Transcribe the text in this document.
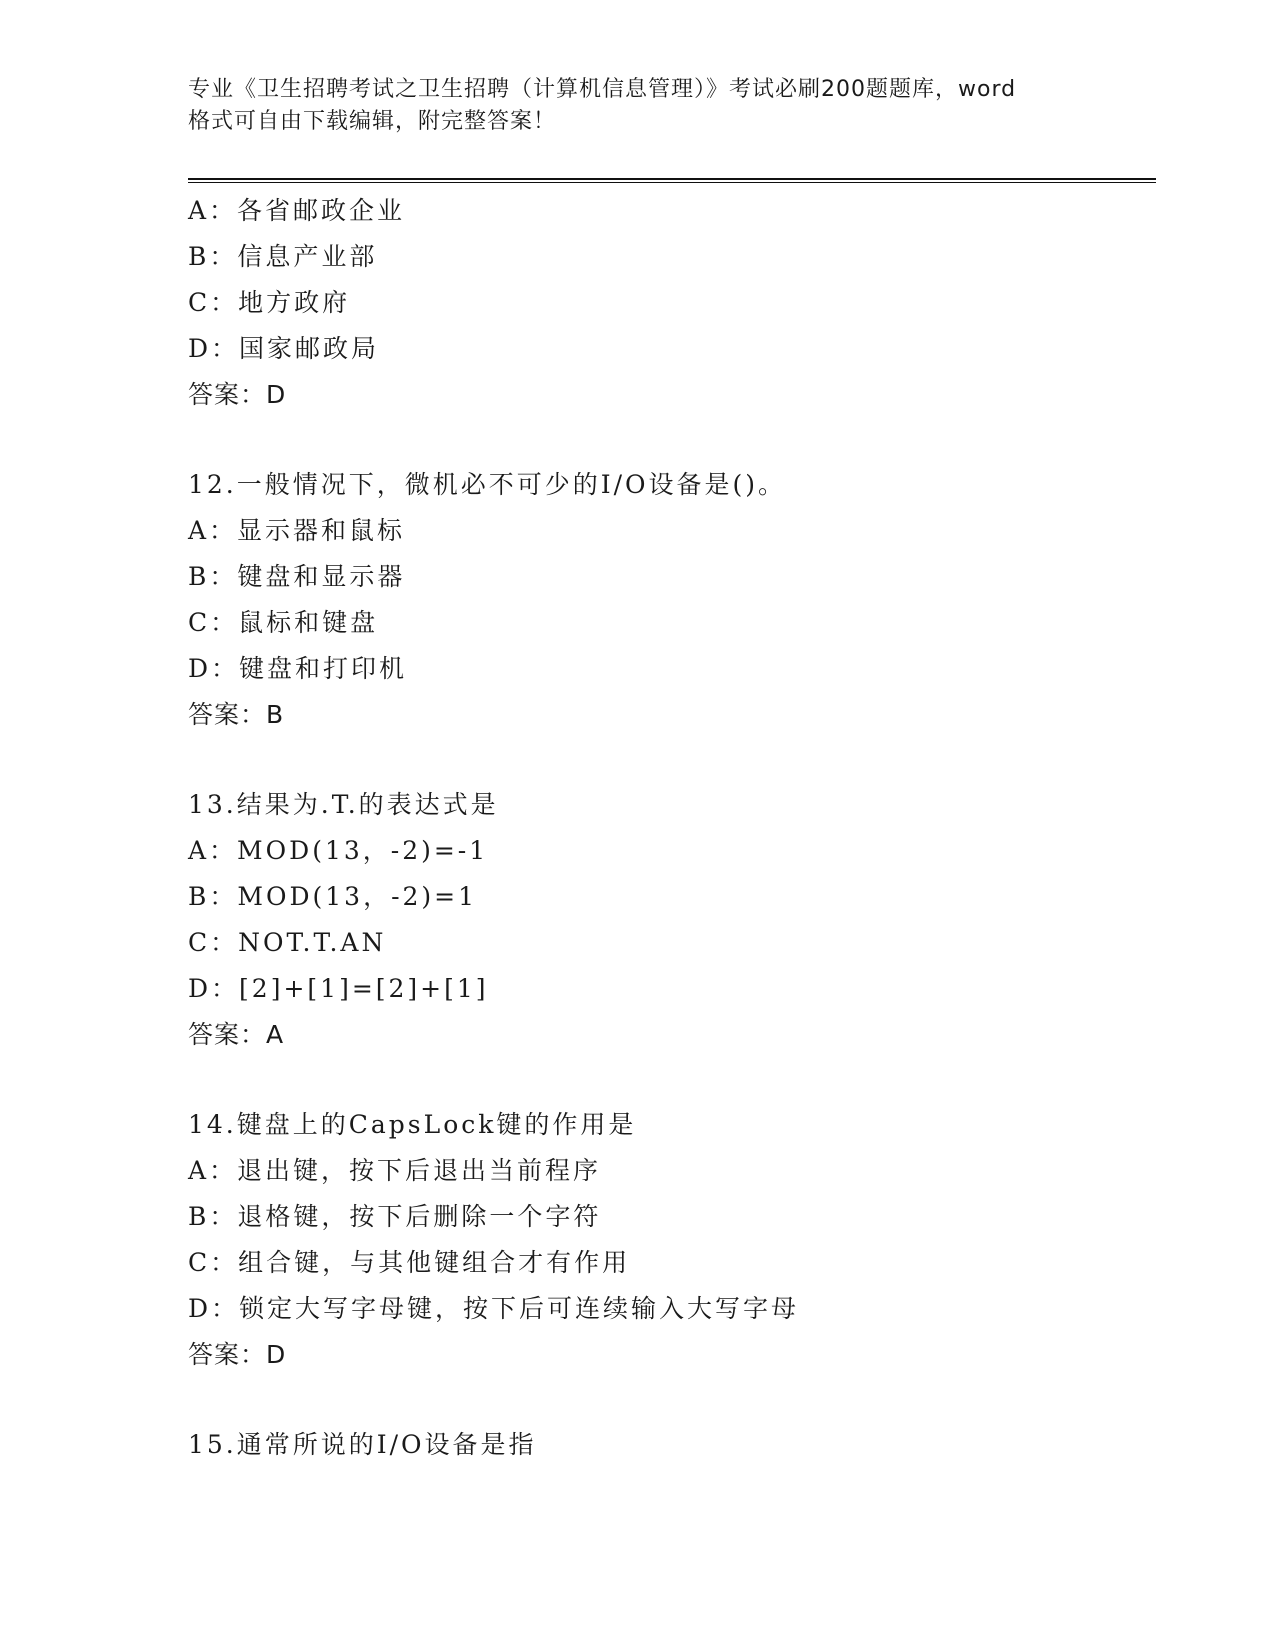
专业《卫生招聘考试之卫生招聘（计算机信息管理）》考试必刷200题题库，word
格式可自由下载编辑，附完整答案！
A：各省邮政企业
B：信息产业部
C：地方政府
D：国家邮政局
答案：D
12.一般情况下，微机必不可少的I/O设备是()。
A：显示器和鼠标
B：键盘和显示器
C：鼠标和键盘
D：键盘和打印机
答案：B
13.结果为.T.的表达式是
A：MOD(13，-2)=-1
B：MOD(13，-2)=1
C：NOT.T.AN
D：[2]+[1]=[2]+[1]
答案：A
14.键盘上的CapsLock键的作用是
A：退出键，按下后退出当前程序
B：退格键，按下后删除一个字符
C：组合键，与其他键组合才有作用
D：锁定大写字母键，按下后可连续输入大写字母
答案：D
15.通常所说的I/O设备是指
